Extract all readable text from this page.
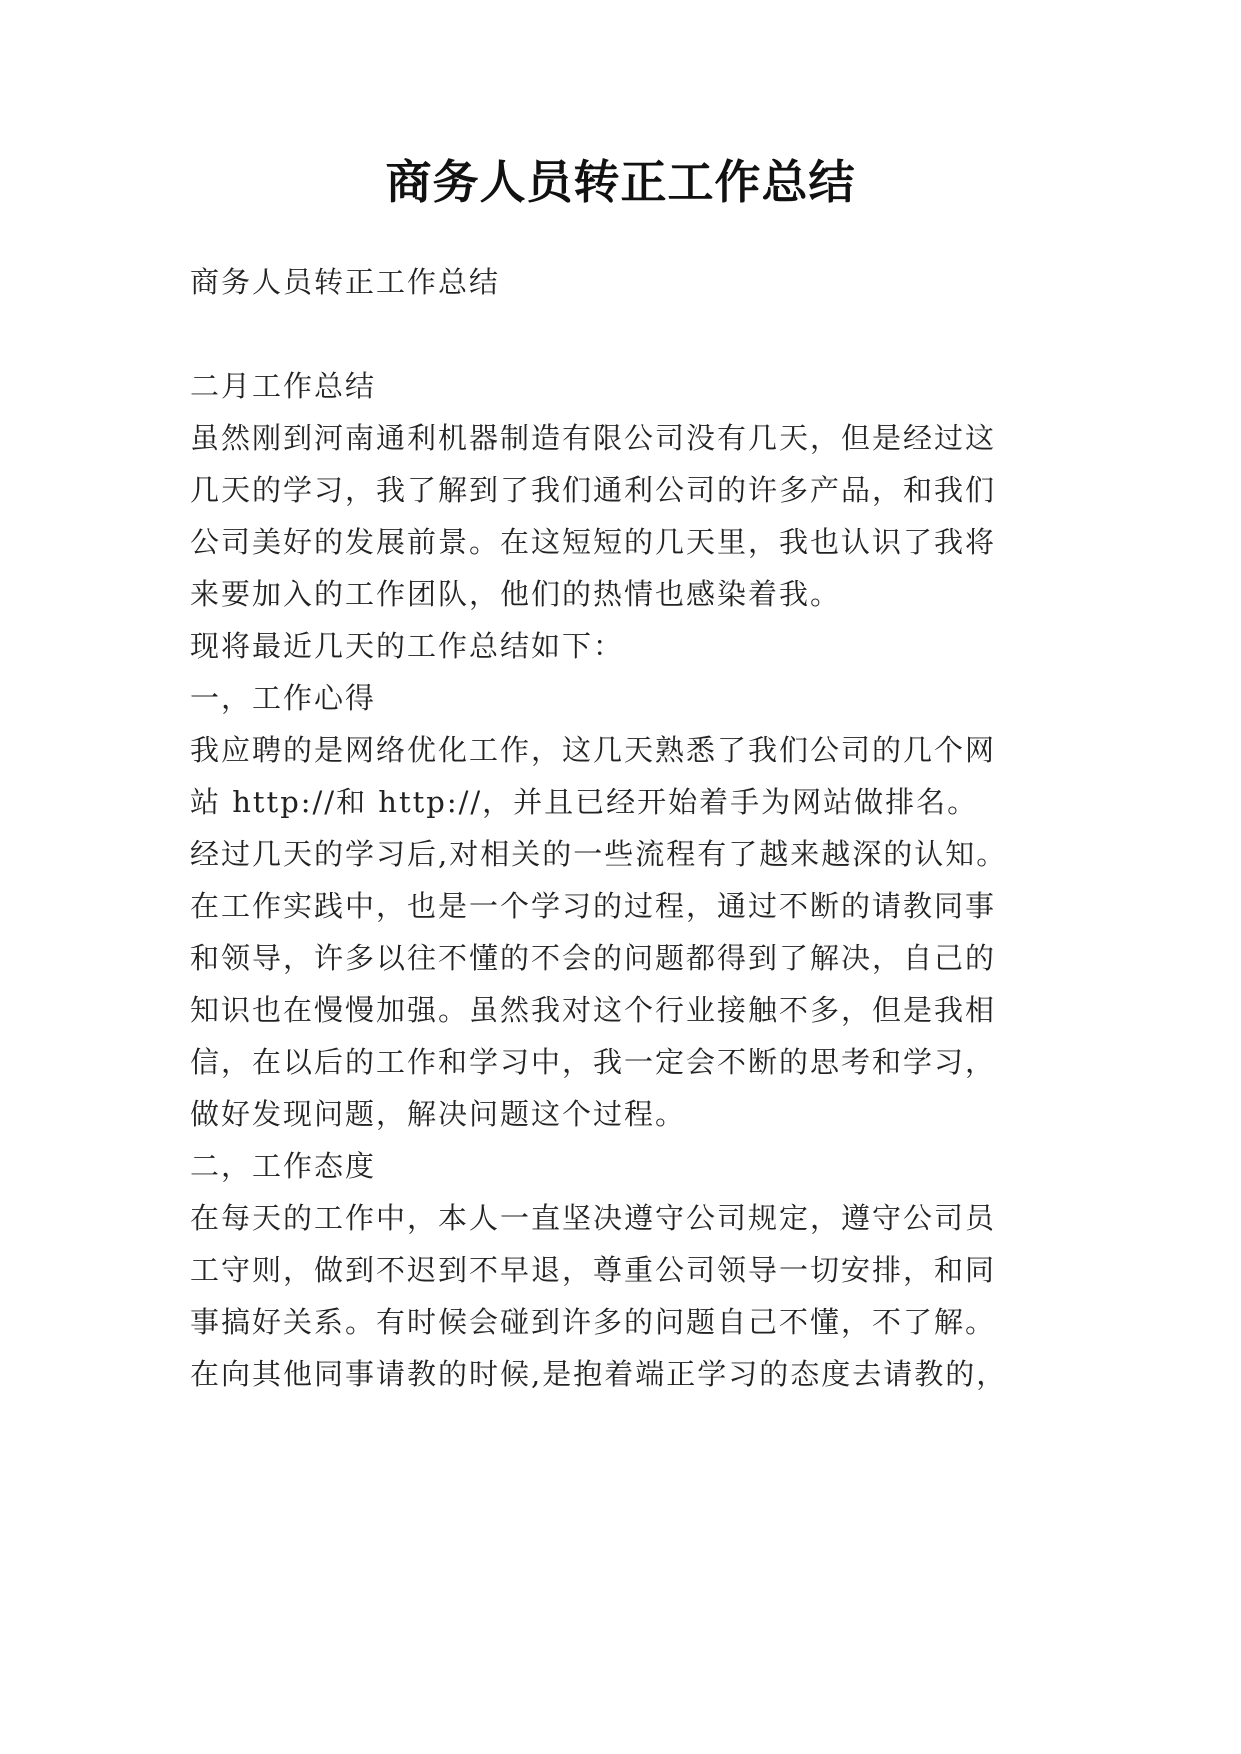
商务人员转正工作总结
商务人员转正工作总结
二月工作总结
虽然刚到河南通利机器制造有限公司没有几天，但是经过这
几天的学习，我了解到了我们通利公司的许多产品，和我们
公司美好的发展前景。在这短短的几天里，我也认识了我将
来要加入的工作团队，他们的热情也感染着我。
现将最近几天的工作总结如下：
一，工作心得
我应聘的是网络优化工作，这几天熟悉了我们公司的几个网
站 http://和 http://，并且已经开始着手为网站做排名。
经过几天的学习后,对相关的一些流程有了越来越深的认知。
在工作实践中，也是一个学习的过程，通过不断的请教同事
和领导，许多以往不懂的不会的问题都得到了解决，自己的
知识也在慢慢加强。虽然我对这个行业接触不多，但是我相
信，在以后的工作和学习中，我一定会不断的思考和学习，
做好发现问题，解决问题这个过程。
二，工作态度
在每天的工作中，本人一直坚决遵守公司规定，遵守公司员
工守则，做到不迟到不早退，尊重公司领导一切安排，和同
事搞好关系。有时候会碰到许多的问题自己不懂，不了解。
在向其他同事请教的时候,是抱着端正学习的态度去请教的，
